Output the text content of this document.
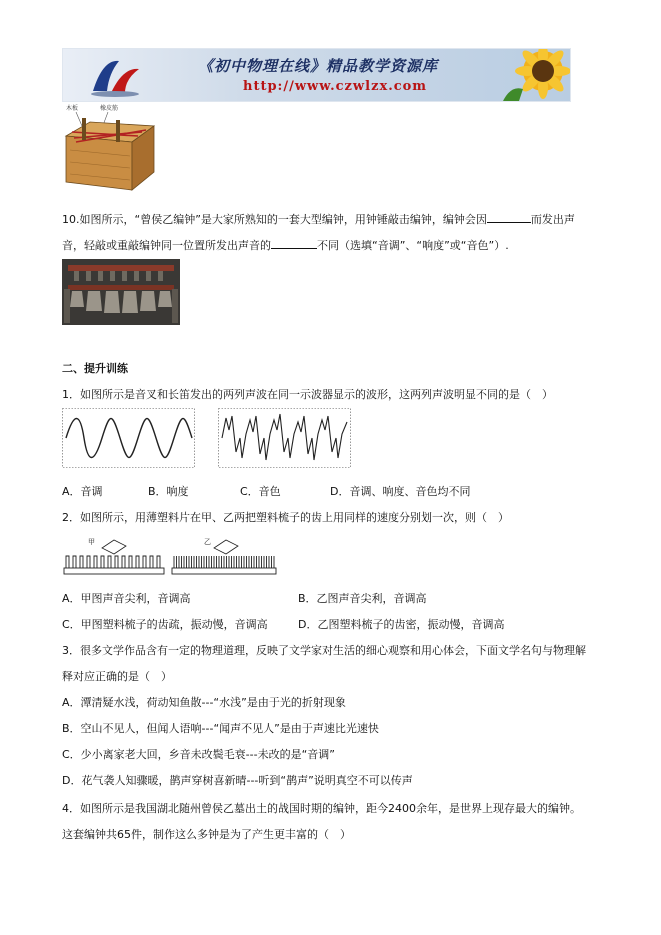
《初中物理在线》精品教学资源库
http://www.czwlzx.com
木板	橡皮筋
10.如图所示，“曾侯乙编钟”是大家所熟知的一套大型编钟，用钟锤敲击编钟，编钟会因	而发出声
音，轻敲或重敲编钟同一位置所发出声音的	不同（选填“音调”、“响度”或“音色”）.
二、提升训练
1．如图所示是音叉和长笛发出的两列声波在同一示波器显示的波形，这两列声波明显不同的是（　）
A．音调	B．响度	C．音色	D．音调、响度、音色均不同
2．如图所示，用薄塑料片在甲、乙两把塑料梳子的齿上用同样的速度分别划一次，则（　）
甲	乙
A．甲图声音尖利，音调高	B．乙图声音尖利，音调高
C．甲图塑料梳子的齿疏，振动慢，音调高	D．乙图塑料梳子的齿密，振动慢，音调高
3．很多文学作品含有一定的物理道理，反映了文学家对生活的细心观察和用心体会，下面文学名句与物理解
释对应正确的是（　）
A．潭清疑水浅，荷动知鱼散---“水浅”是由于光的折射现象
B．空山不见人，但闻人语响---“闻声不见人”是由于声速比光速快
C．少小离家老大回，乡音未改鬓毛衰---未改的是“音调”
D．花气袭人知骤暖，鹊声穿树喜新晴---听到“鹊声”说明真空不可以传声
4．如图所示是我国湖北随州曾侯乙墓出土的战国时期的编钟，距今2400余年，是世界上现存最大的编钟。
这套编钟共65件，制作这么多钟是为了产生更丰富的（　）
